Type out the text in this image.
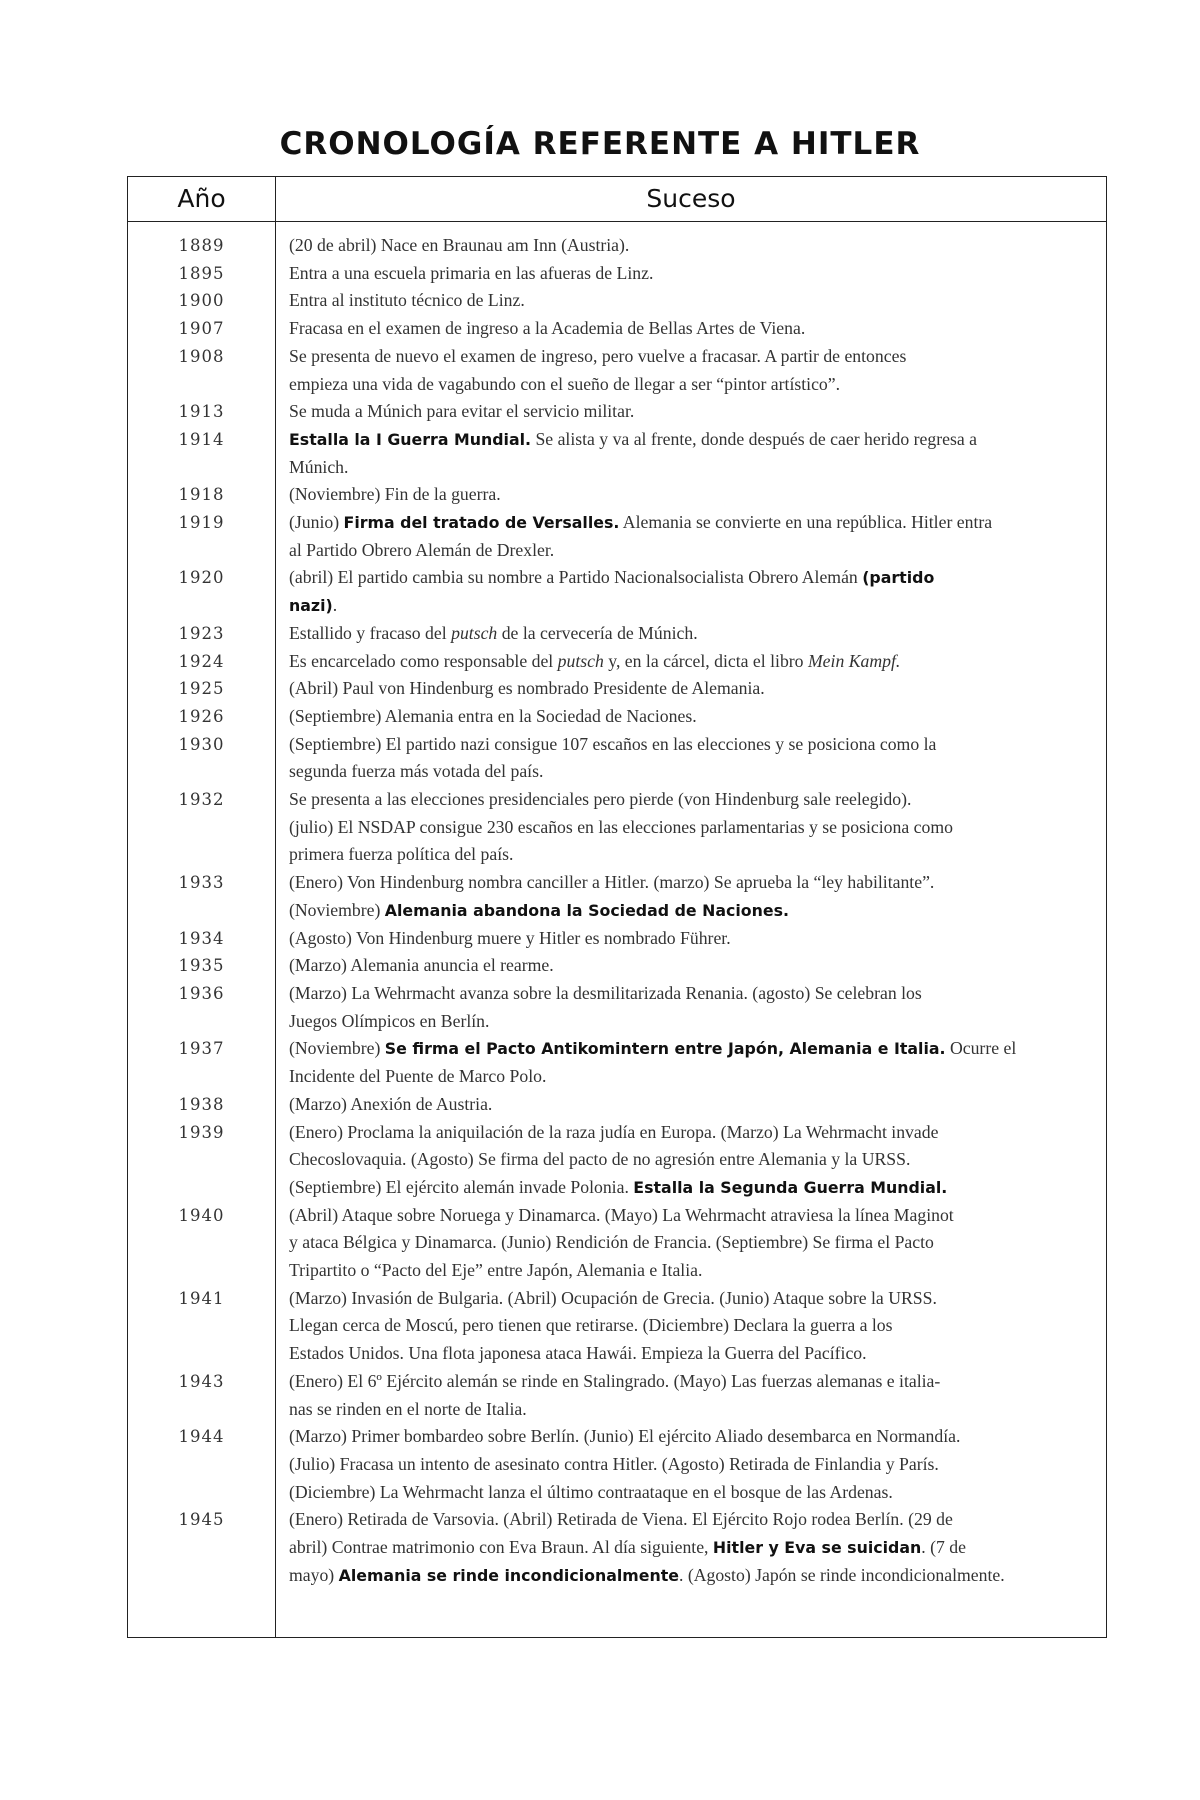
CRONOLOGÍA REFERENTE A HITLER
Año	Suceso
1889	(20 de abril) Nace en Braunau am Inn (Austria).
1895	Entra a una escuela primaria en las afueras de Linz.
1900	Entra al instituto técnico de Linz.
1907	Fracasa en el examen de ingreso a la Academia de Bellas Artes de Viena.
1908	Se presenta de nuevo el examen de ingreso, pero vuelve a fracasar. A partir de entonces
empieza una vida de vagabundo con el sueño de llegar a ser “pintor artístico”.
1913	Se muda a Múnich para evitar el servicio militar.
1914	Estalla la I Guerra Mundial. Se alista y va al frente, donde después de caer herido regresa a
Múnich.
1918	(Noviembre) Fin de la guerra.
1919	(Junio) Firma del tratado de Versalles. Alemania se convierte en una república. Hitler entra
al Partido Obrero Alemán de Drexler.
1920	(abril) El partido cambia su nombre a Partido Nacionalsocialista Obrero Alemán (partido
nazi).
1923	Estallido y fracaso del putsch de la cervecería de Múnich.
1924	Es encarcelado como responsable del putsch y, en la cárcel, dicta el libro Mein Kampf.
1925	(Abril) Paul von Hindenburg es nombrado Presidente de Alemania.
1926	(Septiembre) Alemania entra en la Sociedad de Naciones.
1930	(Septiembre) El partido nazi consigue 107 escaños en las elecciones y se posiciona como la
segunda fuerza más votada del país.
1932	Se presenta a las elecciones presidenciales pero pierde (von Hindenburg sale reelegido).
(julio) El NSDAP consigue 230 escaños en las elecciones parlamentarias y se posiciona como
primera fuerza política del país.
1933	(Enero) Von Hindenburg nombra canciller a Hitler. (marzo) Se aprueba la “ley habilitante”.
(Noviembre) Alemania abandona la Sociedad de Naciones.
1934	(Agosto) Von Hindenburg muere y Hitler es nombrado Führer.
1935	(Marzo) Alemania anuncia el rearme.
1936	(Marzo) La Wehrmacht avanza sobre la desmilitarizada Renania. (agosto) Se celebran los
Juegos Olímpicos en Berlín.
1937	(Noviembre) Se firma el Pacto Antikomintern entre Japón, Alemania e Italia. Ocurre el
Incidente del Puente de Marco Polo.
1938	(Marzo) Anexión de Austria.
1939	(Enero) Proclama la aniquilación de la raza judía en Europa. (Marzo) La Wehrmacht invade
Checoslovaquia. (Agosto) Se firma del pacto de no agresión entre Alemania y la URSS.
(Septiembre) El ejército alemán invade Polonia. Estalla la Segunda Guerra Mundial.
1940	(Abril) Ataque sobre Noruega y Dinamarca. (Mayo) La Wehrmacht atraviesa la línea Maginot
y ataca Bélgica y Dinamarca. (Junio) Rendición de Francia. (Septiembre) Se firma el Pacto
Tripartito o “Pacto del Eje” entre Japón, Alemania e Italia.
1941	(Marzo) Invasión de Bulgaria. (Abril) Ocupación de Grecia. (Junio) Ataque sobre la URSS.
Llegan cerca de Moscú, pero tienen que retirarse. (Diciembre) Declara la guerra a los
Estados Unidos. Una flota japonesa ataca Hawái. Empieza la Guerra del Pacífico.
1943	(Enero) El 6º Ejército alemán se rinde en Stalingrado. (Mayo) Las fuerzas alemanas e italia-
nas se rinden en el norte de Italia.
1944	(Marzo) Primer bombardeo sobre Berlín. (Junio) El ejército Aliado desembarca en Normandía.
(Julio) Fracasa un intento de asesinato contra Hitler. (Agosto) Retirada de Finlandia y París.
(Diciembre) La Wehrmacht lanza el último contraataque en el bosque de las Ardenas.
1945	(Enero) Retirada de Varsovia. (Abril) Retirada de Viena. El Ejército Rojo rodea Berlín. (29 de
abril) Contrae matrimonio con Eva Braun. Al día siguiente, Hitler y Eva se suicidan. (7 de
mayo) Alemania se rinde incondicionalmente. (Agosto) Japón se rinde incondicionalmente.
